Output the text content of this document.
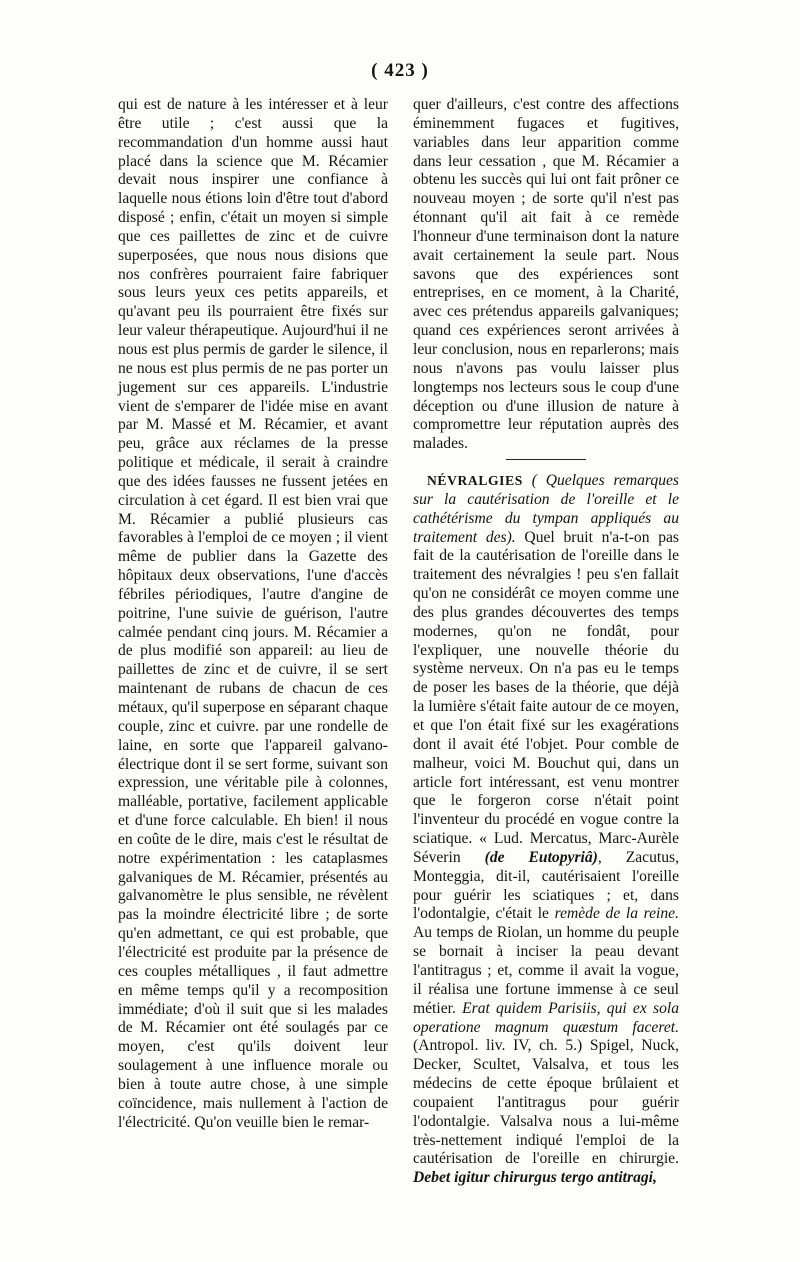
( 423 )

qui est de nature à les intéresser et à leur être utile ; c'est aussi que la recommandation d'un homme aussi haut placé dans la science que M. Récamier devait nous inspirer une confiance à laquelle nous étions loin d'être tout d'abord disposé ; enfin, c'était un moyen si simple que ces paillettes de zinc et de cuivre superposées, que nous nous disions que nos confrères pourraient faire fabriquer sous leurs yeux ces petits appareils, et qu'avant peu ils pourraient être fixés sur leur valeur thérapeutique. Aujourd'hui il ne nous est plus permis de garder le silence, il ne nous est plus permis de ne pas porter un jugement sur ces appareils. L'industrie vient de s'emparer de l'idée mise en avant par M. Massé et M. Récamier, et avant peu, grâce aux réclames de la presse politique et médicale, il serait à craindre que des idées fausses ne fussent jetées en circulation à cet égard. Il est bien vrai que M. Récamier a publié plusieurs cas favorables à l'emploi de ce moyen ; il vient même de publier dans la Gazette des hôpitaux deux observations, l'une d'accès fébriles périodiques, l'autre d'angine de poitrine, l'une suivie de guérison, l'autre calmée pendant cinq jours. M. Récamier a de plus modifié son appareil: au lieu de paillettes de zinc et de cuivre, il se sert maintenant de rubans de chacun de ces métaux, qu'il superpose en séparant chaque couple, zinc et cuivre. par une rondelle de laine, en sorte que l'appareil galvano-électrique dont il se sert forme, suivant son expression, une véritable pile à colonnes, malléable, portative, facilement applicable et d'une force calculable. Eh bien! il nous en coûte de le dire, mais c'est le résultat de notre expérimentation : les cataplasmes galvaniques de M. Récamier, présentés au galvanomètre le plus sensible, ne révèlent pas la moindre électricité libre ; de sorte qu'en admettant, ce qui est probable, que l'électricité est produite par la présence de ces couples métalliques , il faut admettre en même temps qu'il y a recomposition immédiate; d'où il suit que si les malades de M. Récamier ont été soulagés par ce moyen, c'est qu'ils doivent leur soulagement à une influence morale ou bien à toute autre chose, à une simple coïncidence, mais nullement à l'action de l'électricité. Qu'on veuille bien le remar-

quer d'ailleurs, c'est contre des affections éminemment fugaces et fugitives, variables dans leur apparition comme dans leur cessation , que M. Récamier a obtenu les succès qui lui ont fait prôner ce nouveau moyen ; de sorte qu'il n'est pas étonnant qu'il ait fait à ce remède l'honneur d'une terminaison dont la nature avait certainement la seule part. Nous savons que des expériences sont entreprises, en ce moment, à la Charité, avec ces prétendus appareils galvaniques; quand ces expériences seront arrivées à leur conclusion, nous en reparlerons; mais nous n'avons pas voulu laisser plus longtemps nos lecteurs sous le coup d'une déception ou d'une illusion de nature à compromettre leur réputation auprès des malades.

NÉVRALGIES ( Quelques remarques sur la cautérisation de l'oreille et le cathétérisme du tympan appliqués au traitement des). Quel bruit n'a-t-on pas fait de la cautérisation de l'oreille dans le traitement des névralgies ! peu s'en fallait qu'on ne considérât ce moyen comme une des plus grandes découvertes des temps modernes, qu'on ne fondât, pour l'expliquer, une nouvelle théorie du système nerveux. On n'a pas eu le temps de poser les bases de la théorie, que déjà la lumière s'était faite autour de ce moyen, et que l'on était fixé sur les exagérations dont il avait été l'objet. Pour comble de malheur, voici M. Bouchut qui, dans un article fort intéressant, est venu montrer que le forgeron corse n'était point l'inventeur du procédé en vogue contre la sciatique. « Lud. Mercatus, Marc-Aurèle Séverin (de Eutopyriâ), Zacutus, Monteggia, dit-il, cautérisaient l'oreille pour guérir les sciatiques ; et, dans l'odontalgie, c'était le remède de la reine. Au temps de Riolan, un homme du peuple se bornait à inciser la peau devant l'antitragus ; et, comme il avait la vogue, il réalisa une fortune immense à ce seul métier. Erat quidem Parisiis, qui ex sola operatione magnum quæstum faceret. (Antropol. liv. IV, ch. 5.) Spigel, Nuck, Decker, Scultet, Valsalva, et tous les médecins de cette époque brûlaient et coupaient l'antitragus pour guérir l'odontalgie. Valsalva nous a lui-même très-nettement indiqué l'emploi de la cautérisation de l'oreille en chirurgie. Debet igitur chirurgus tergo antitragi,
